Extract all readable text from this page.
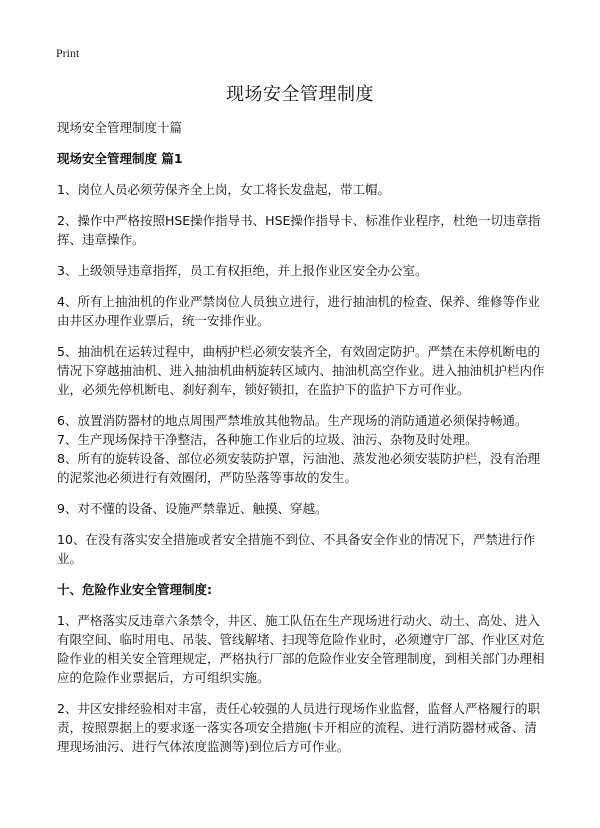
Print
现场安全管理制度

现场安全管理制度十篇

现场安全管理制度 篇1

1、岗位人员必须劳保齐全上岗，女工将长发盘起，带工帽。

2、操作中严格按照HSE操作指导书、HSE操作指导卡、标准作业程序，杜绝一切违章指挥、违章操作。

3、上级领导违章指挥，员工有权拒绝，并上报作业区安全办公室。

4、所有上抽油机的作业严禁岗位人员独立进行，进行抽油机的检查、保养、维修等作业由井区办理作业票后，统一安排作业。

5、抽油机在运转过程中，曲柄护栏必须安装齐全，有效固定防护。严禁在未停机断电的情况下穿越抽油机、进入抽油机曲柄旋转区域内、抽油机高空作业。进入抽油机护栏内作业，必须先停机断电、刹好刹车，锁好锁扣，在监护下的监护下方可作业。

6、放置消防器材的地点周围严禁堆放其他物品。生产现场的消防通道必须保持畅通。 7、生产现场保持干净整洁，各种施工作业后的垃圾、油污、杂物及时处理。

8、所有的旋转设备、部位必须安装防护罩，污油池、蒸发池必须安装防护栏，没有治理的泥浆池必须进行有效圈闭，严防坠落等事故的发生。

9、对不懂的设备、设施严禁靠近、触摸、穿越。

10、在没有落实安全措施或者安全措施不到位、不具备安全作业的情况下，严禁进行作业。

十、危险作业安全管理制度:

1、严格落实反违章六条禁令，井区、施工队伍在生产现场进行动火、动土、高处、进入有限空间、临时用电、吊装、管线解堵、扫现等危险作业时，必须遵守厂部、作业区对危险作业的相关安全管理规定，严格执行厂部的危险作业安全管理制度，到相关部门办理相应的危险作业票据后，方可组织实施。

2、井区安排经验相对丰富，责任心较强的人员进行现场作业监督，监督人严格履行的职责，按照票据上的要求逐一落实各项安全措施(卡开相应的流程、进行消防器材戒备、清理现场油污、进行气体浓度监测等)到位后方可作业。
